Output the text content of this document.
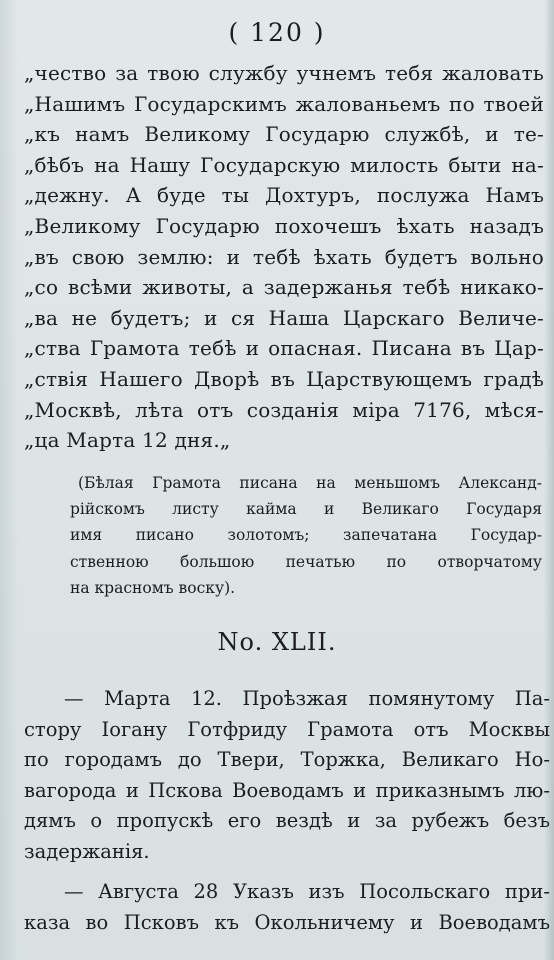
( 120 )
„чество за твою службу учнемъ тебя жаловать
„Нашимъ Государскимъ жалованьемъ по твоей
„къ намъ Великому Государю службѣ, и те-
„бѣбъ на Нашу Государскую милость быти на-
„дежну. А буде ты Дохтуръ, послужа Намъ
„Великому Государю похочешъ ѣхать назадъ
„въ свою землю: и тебѣ ѣхать будетъ вольно
„со всѣми животы, а задержанья тебѣ никако-
„ва не будетъ; и ся Наша Царскаго Величе-
„ства Грамота тебѣ и опасная. Писана въ Цар-
„ствія Нашего Дворѣ въ Царствующемъ градѣ
„Москвѣ, лѣта отъ созданія міра 7176, мѣся-
„ца Марта 12 дня.„
(Бѣлая Грамота писана на меньшомъ Александ-
рійскомъ листу кайма и Великаго Государя
имя писано золотомъ; запечатана Государ-
ственною большою печатью по отворчатому
на красномъ воску).
No. XLII.
— Марта 12. Проѣзжая помянутому Па-
стору Іогану Готфриду Грамота отъ Москвы
по городамъ до Твери, Торжка, Великаго Но-
вагорода и Пскова Воеводамъ и приказнымъ лю-
дямъ о пропускѣ его вездѣ и за рубежъ безъ
задержанія.
— Августа 28 Указъ изъ Посольскаго при-
каза во Псковъ къ Окольничему и Воеводамъ
